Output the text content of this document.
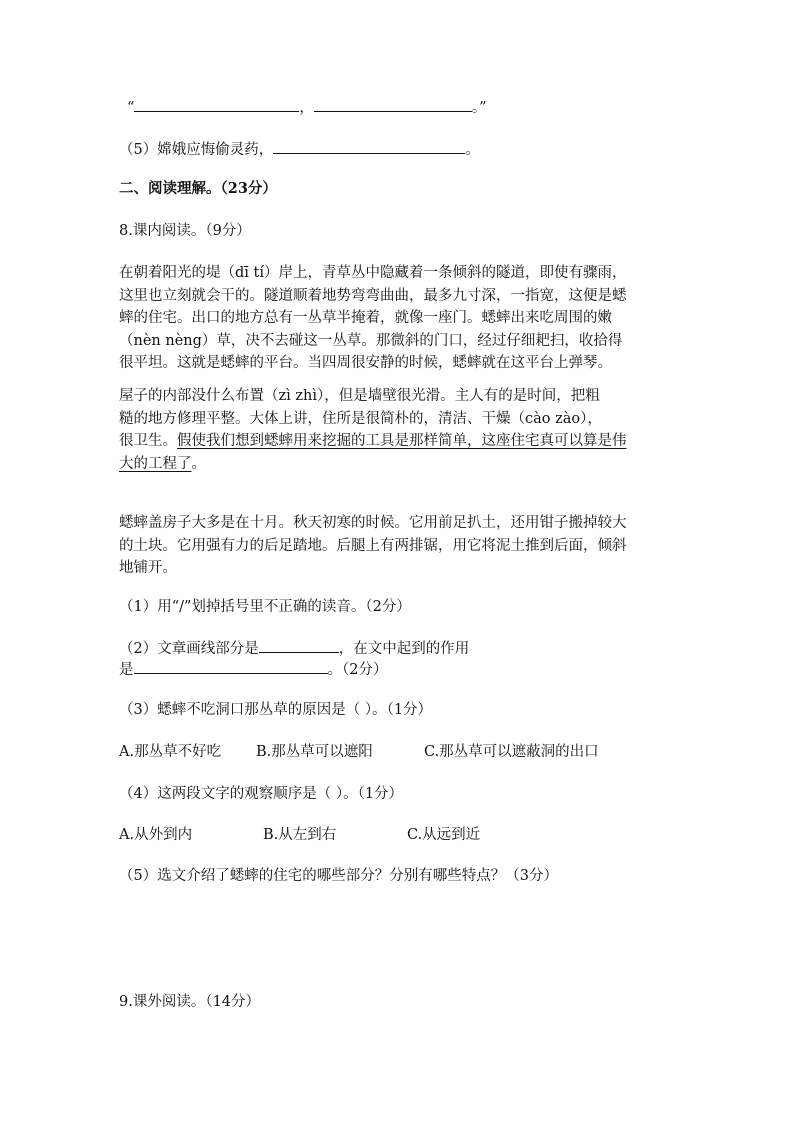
“	，	。”
（5）嫦娥应悔偷灵药，	。
二、阅读理解。（23分）
8.课内阅读。（9分）
在朝着阳光的堤（dī tí）岸上，青草丛中隐藏着一条倾斜的隧道，即使有骤雨，
这里也立刻就会干的。隧道顺着地势弯弯曲曲，最多九寸深，一指宽，这便是蟋
蟀的住宅。出口的地方总有一丛草半掩着，就像一座门。蟋蟀出来吃周围的嫩
（nèn nèng）草，决不去碰这一丛草。那微斜的门口，经过仔细耙扫，收拾得
很平坦。这就是蟋蟀的平台。当四周很安静的时候，蟋蟀就在这平台上弹琴。
屋子的内部没什么布置（zì zhì），但是墙壁很光滑。主人有的是时间，把粗
糙的地方修理平整。大体上讲，住所是很简朴的，清洁、干燥（cào zào），
很卫生。假使我们想到蟋蟀用来挖掘的工具是那样简单，这座住宅真可以算是伟
大的工程了。
蟋蟀盖房子大多是在十月。秋天初寒的时候。它用前足扒土，还用钳子搬掉较大
的土块。它用强有力的后足踏地。后腿上有两排锯，用它将泥土推到后面，倾斜
地铺开。
（1）用“/”划掉括号里不正确的读音。（2分）
（2）文章画线部分是	，在文中起到的作用
是	。（2分）
（3）蟋蟀不吃洞口那丛草的原因是（ ）。（1分）
A.那丛草不好吃 B.那丛草可以遮阳	C.那丛草可以遮蔽洞的出口
（4）这两段文字的观察顺序是（ ）。（1分）
A.从外到内	B.从左到右	C.从远到近
（5）选文介绍了蟋蟀的住宅的哪些部分？分别有哪些特点？（3分）
9.课外阅读。（14分）
